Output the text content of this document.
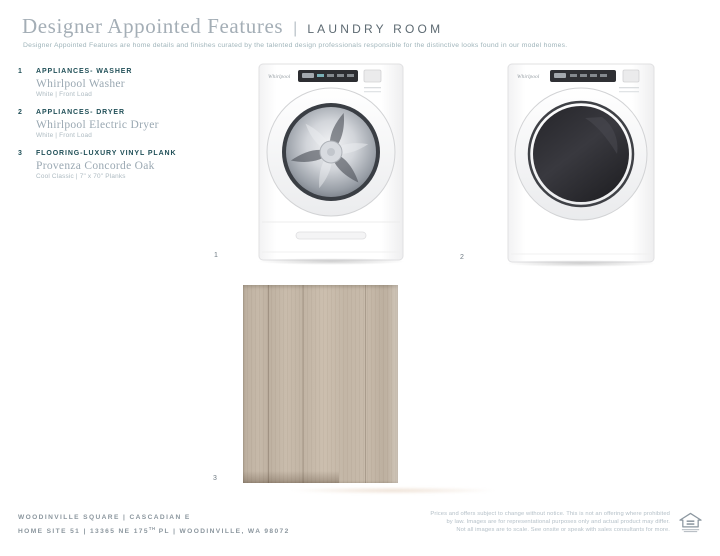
Designer Appointed Features | LAUNDRY ROOM
Designer Appointed Features are home details and finishes curated by the talented design professionals responsible for the distinctive looks found in our model homes.
1	APPLIANCES- WASHER
Whirlpool Washer
White | Front Load
2	APPLIANCES- DRYER
Whirlpool Electric Dryer
White | Front Load
3	FLOORING-LUXURY VINYL PLANK
Provenza Concorde Oak
Cool Classic | 7" x 70" Planks
Whirlpool	Whirlpool
1	2
3
WOODINVILLE SQUARE | CASCADIAN E
HOME SITE 51 | 13365 NE 175TH PL | WOODINVILLE, WA 98072
Prices and offers subject to change without notice. This is not an offering where prohibited
by law. Images are for representational purposes only and actual product may differ.
Not all images are to scale. See onsite or speak with sales consultants for more.
